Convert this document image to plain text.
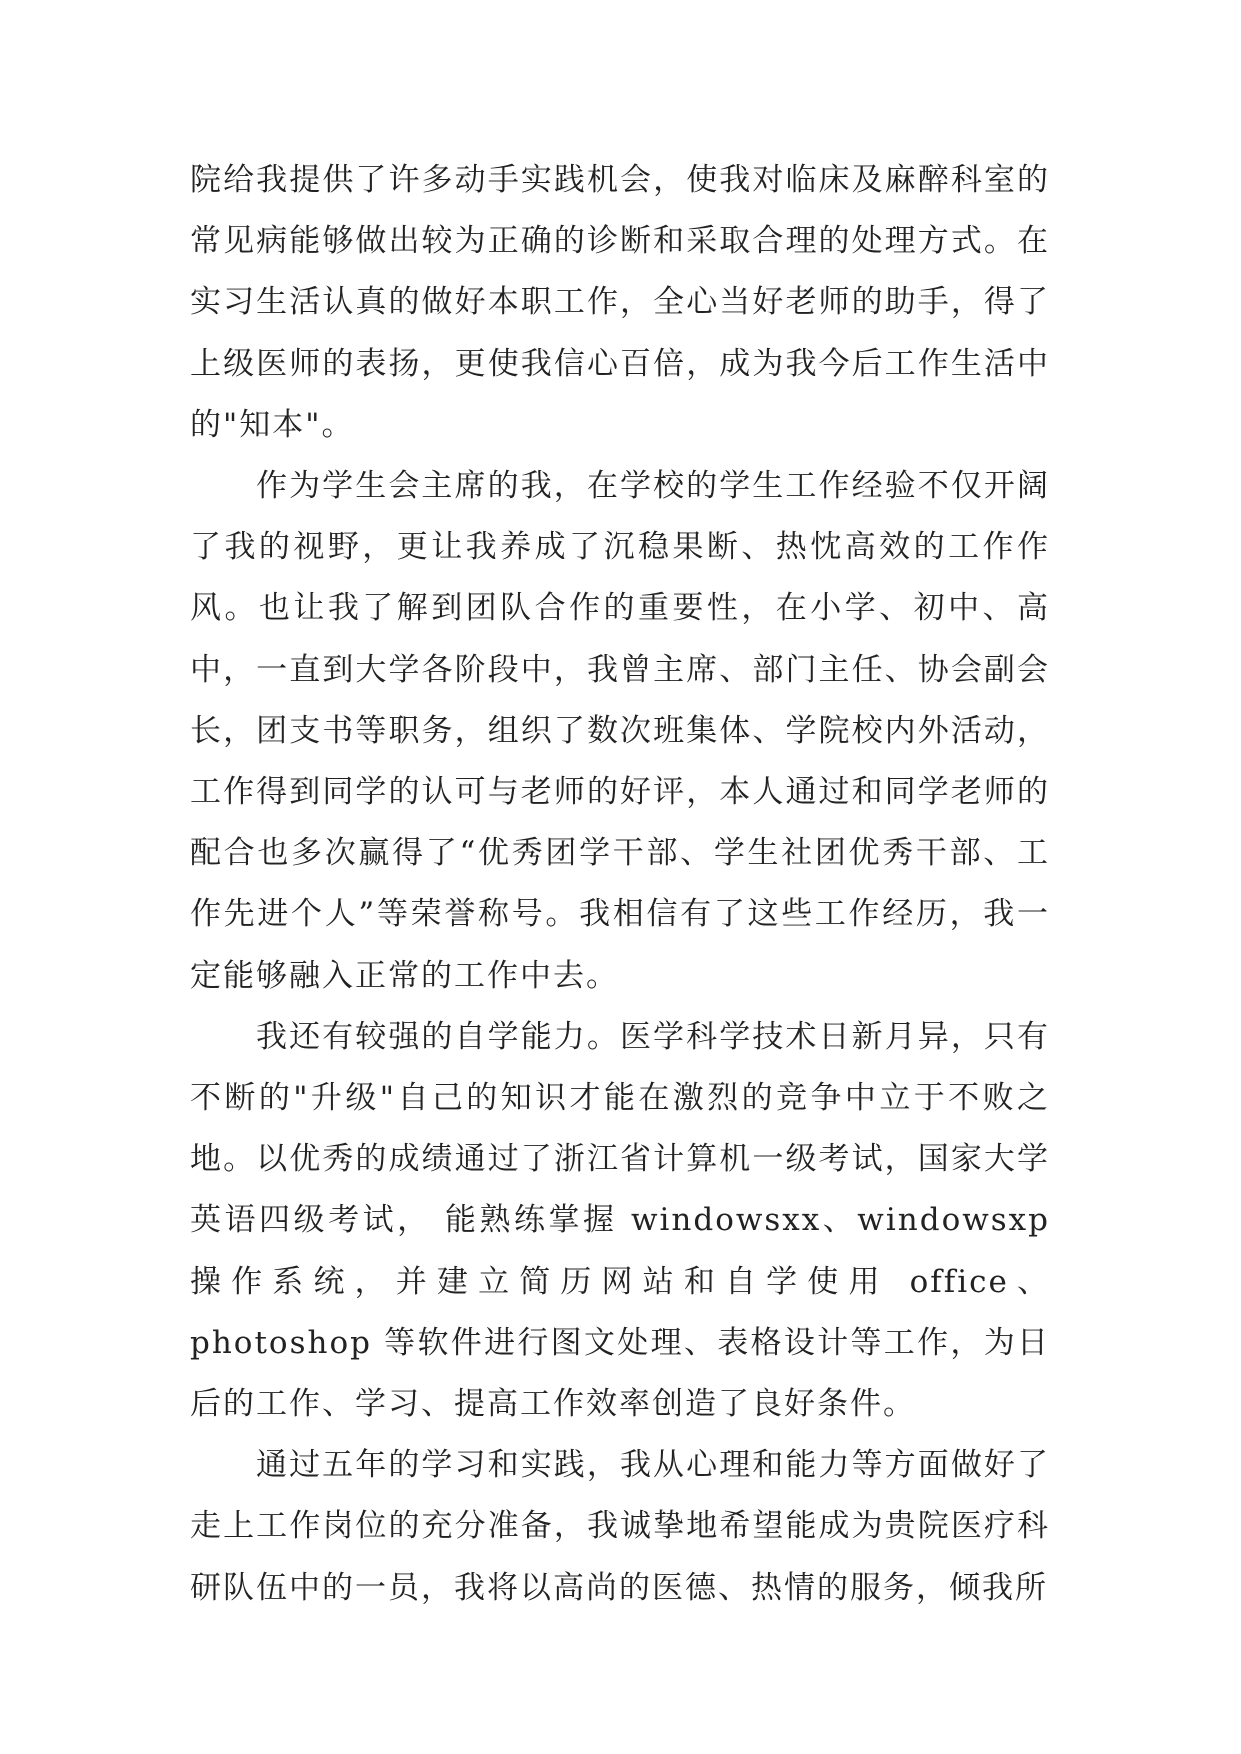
院给我提供了许多动手实践机会，使我对临床及麻醉科室的常见病能够做出较为正确的诊断和采取合理的处理方式。在实习生活认真的做好本职工作，全心当好老师的助手，得了上级医师的表扬，更使我信心百倍，成为我今后工作生活中的"知本"。

作为学生会主席的我，在学校的学生工作经验不仅开阔了我的视野，更让我养成了沉稳果断、热忱高效的工作作风。也让我了解到团队合作的重要性，在小学、初中、高中，一直到大学各阶段中，我曾主席、部门主任、协会副会长，团支书等职务，组织了数次班集体、学院校内外活动，工作得到同学的认可与老师的好评，本人通过和同学老师的配合也多次赢得了“优秀团学干部、学生社团优秀干部、工作先进个人”等荣誉称号。我相信有了这些工作经历，我一定能够融入正常的工作中去。

我还有较强的自学能力。医学科学技术日新月异，只有不断的"升级"自己的知识才能在激烈的竞争中立于不败之地。以优秀的成绩通过了浙江省计算机一级考试，国家大学英语四级考试， 能熟练掌握 windowsxx、windowsxp 操作系统，并建立简历网站和自学使用 office、photoshop 等软件进行图文处理、表格设计等工作，为日后的工作、学习、提高工作效率创造了良好条件。

通过五年的学习和实践，我从心理和能力等方面做好了走上工作岗位的充分准备，我诚挚地希望能成为贵院医疗科研队伍中的一员，我将以高尚的医德、热情的服务，倾我所
